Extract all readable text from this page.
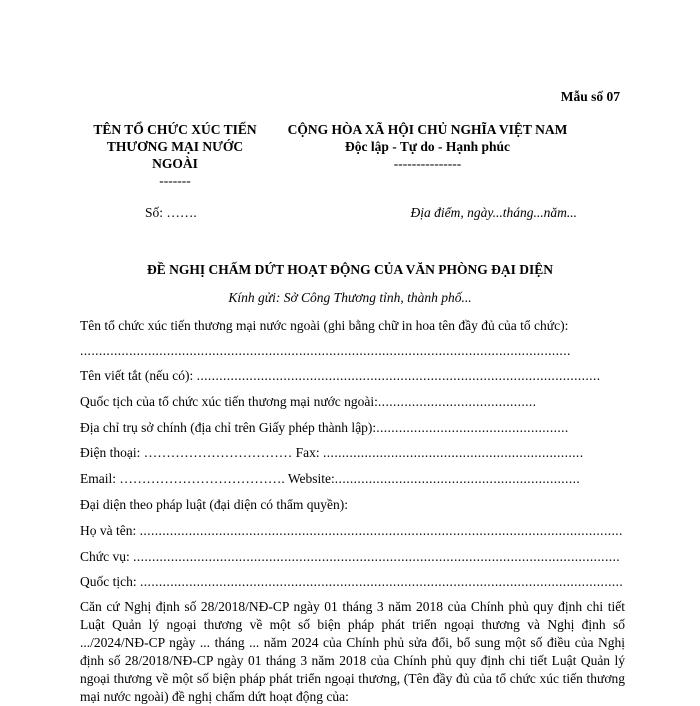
Mẫu số 07
TÊN TỔ CHỨC XÚC TIẾN
THƯƠNG MẠI NƯỚC
NGOÀI
-------
CỘNG HÒA XÃ HỘI CHỦ NGHĨA VIỆT NAM
Độc lập - Tự do - Hạnh phúc
---------------
Số: …….	Địa điểm, ngày...tháng...năm...
ĐỀ NGHỊ CHẤM DỨT HOẠT ĐỘNG CỦA VĂN PHÒNG ĐẠI DIỆN
Kính gửi: Sở Công Thương tỉnh, thành phố...
Tên tổ chức xúc tiến thương mại nước ngoài (ghi bằng chữ in hoa tên đầy đủ của tổ chức):
..................................................................................................................................
Tên viết tắt (nếu có): ...........................................................................................................
Quốc tịch của tổ chức xúc tiến thương mại nước ngoài:..........................................
Địa chỉ trụ sở chính (địa chỉ trên Giấy phép thành lập):...................................................
Điện thoại: …………………………… Fax: .....................................................................
Email: ………………………………. Website:.................................................................
Đại diện theo pháp luật (đại diện có thẩm quyền):
Họ và tên: ................................................................................................................................
Chức vụ: .................................................................................................................................
Quốc tịch: ................................................................................................................................
Căn cứ Nghị định số 28/2018/NĐ-CP ngày 01 tháng 3 năm 2018 của Chính phủ quy định chi tiết Luật Quản lý ngoại thương về một số biện pháp phát triển ngoại thương và Nghị định số .../2024/NĐ-CP ngày ... tháng ... năm 2024 của Chính phủ sửa đổi, bổ sung một số điều của Nghị định số 28/2018/NĐ-CP ngày 01 tháng 3 năm 2018 của Chính phủ quy định chi tiết Luật Quản lý ngoại thương về một số biện pháp phát triển ngoại thương, (Tên đầy đủ của tổ chức xúc tiến thương mại nước ngoài) đề nghị chấm dứt hoạt động của:
